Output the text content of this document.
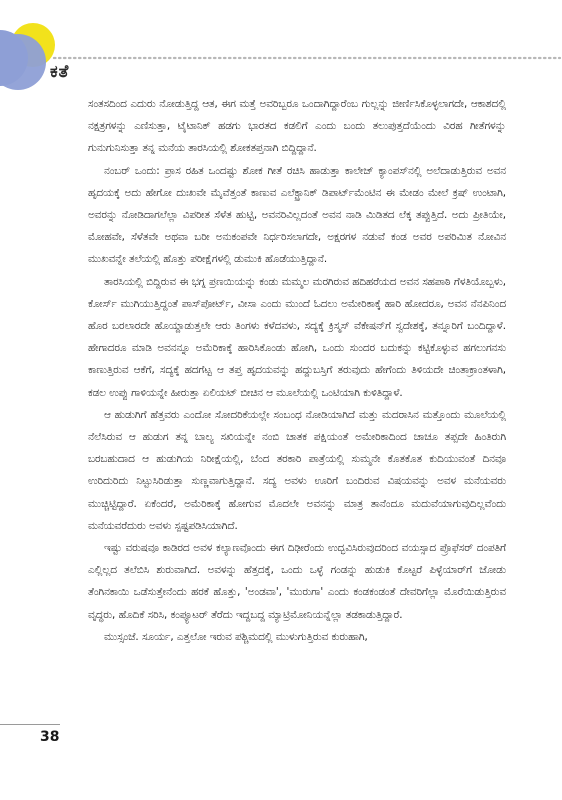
ಕತೆ

ಸಂತಸದಿಂದ ಎದುರು ನೋಡುತ್ತಿದ್ದ ಆತ, ಈಗ ಮತ್ತೆ ಅವರಿಬ್ಬರೂ ಒಂದಾಗಿದ್ದಾರೆಂಬ ಗುಲ್ಲನ್ನು ಜೀರ್ಣಿಸಿಕೊಳ್ಳಲಾಗದೇ, ಆಕಾಶದಲ್ಲಿ ನಕ್ಷತ್ರಗಳನ್ನು ಎಣಿಸುತ್ತಾ, ಟೈಟಾನಿಕ್ ಹಡಗು ಭಾರತದ ಕಡಲಿಗೆ ಎಂದು ಬಂದು ತಲುಪುತ್ತದೆಯೆಂದು ವಿರಹ ಗೀತೆಗಳನ್ನು ಗುನುಗುನಿಸುತ್ತಾ ತನ್ನ ಮನೆಯ ತಾರಸಿಯಲ್ಲಿ ಶೋಕತಪ್ತನಾಗಿ ಬಿದ್ದಿದ್ದಾನೆ.

ನಂಬರ್ ಒಂದು: ಪ್ರಾಸ ರಹಿತ ಒಂದಷ್ಟು ಶೋಕ ಗೀತೆ ರಚಿಸಿ ಹಾಡುತ್ತಾ ಕಾಲೇಜ್ ಕ್ಯಾಂಪಸ್‌ನಲ್ಲಿ ಅಲೆದಾಡುತ್ತಿರುವ ಅವನ ಹೃದಯಕ್ಕೆ ಅದು ಹೇಗೋ ದುಃಖವೇ ಮೈವೆತ್ತಂತೆ ಕಾಣುವ ಎಲೆಕ್ಟ್ರಾನಿಕ್ ಡಿಪಾರ್ಟ್‌ಮೆಂಟಿನ ಈ ಮೇಡಂ ಮೇಲೆ ಕ್ರಷ್ ಉಂಟಾಗಿ, ಅವರನ್ನು ನೋಡಿದಾಗಲೆಲ್ಲಾ ವಿಪರೀತ ಸೆಳೆತ ಹುಟ್ಟಿ, ಅವನರಿವಿಲ್ಲದಂತೆ ಅವನ ನಾಡಿ ಮಿಡಿತದ ಲೆಕ್ಕ ತಪ್ಪುತ್ತಿದೆ. ಅದು ಪ್ರೀತಿಯೇ, ಮೋಹವೇ, ಸೆಳೆತವೇ ಅಥವಾ ಬರೀ ಅನುಕಂಪವೇ ನಿರ್ಧರಿಸಲಾಗದೇ, ಅಕ್ಷರಗಳ ನಡುವೆ ಕಂಡ ಅವರ ಅಪರಿಮಿತ ನೋವಿನ ಮುಖವನ್ನೇ ತಲೆಯಲ್ಲಿ ಹೊತ್ತು ಪರೀಕ್ಷೆಗಳಲ್ಲಿ ಡುಮುಕಿ ಹೊಡೆಯುತ್ತಿದ್ದಾನೆ.

ತಾರಸಿಯಲ್ಲಿ ಬಿದ್ದಿರುವ ಈ ಭಗ್ನ ಪ್ರಣಯಿಯನ್ನು ಕಂಡು ಮಮ್ಮಲ ಮರಗಿರುವ ಹದಿಹರೆಯದ ಅವನ ಸಹಪಾಠಿ ಗೆಳತಿಯೊಬ್ಬಳು, ಕೋರ್ಸ್ ಮುಗಿಯುತ್ತಿದ್ದಂತೆ ಪಾಸ್‌ಪೋರ್ಟ್, ವೀಸಾ ಎಂದು ಮುಂದೆ ಓದಲು ಅಮೇರಿಕಾಕ್ಕೆ ಹಾರಿ ಹೋದರೂ, ಅವನ ನೆನಪಿನಿಂದ ಹೊರ ಬರಲಾರದೇ ಹೊಯ್ದಾಡುತ್ತಲೇ ಆರು ತಿಂಗಳು ಕಳೆದವಳು, ಸದ್ಯಕ್ಕೆ ಕ್ರಿಸ್ಮಸ್ ವೆಕೇಷನ್‌ಗೆ ಸ್ವದೇಶಕ್ಕೆ, ತನ್ನೂರಿಗೆ ಬಂದಿದ್ದಾಳೆ. ಹೇಗಾದರೂ ಮಾಡಿ ಅವನನ್ನೂ ಅಮೆರಿಕಾಕ್ಕೆ ಹಾರಿಸಿಕೊಂಡು ಹೋಗಿ, ಒಂದು ಸುಂದರ ಬದುಕನ್ನು ಕಟ್ಟಿಕೊಳ್ಳುವ ಹಗಲುಗನಸು ಕಾಣುತ್ತಿರುವ ಆಕೆಗೆ, ಸದ್ಯಕ್ಕೆ ಹದಗೆಟ್ಟ ಆ ತಪ್ತ ಹೃದಯವನ್ನು ಹದ್ದುಬಸ್ತಿಗೆ ತರುವುದು ಹೇಗೆಂದು ತಿಳಿಯದೇ ಚಿಂತಾಕ್ರಾಂತಳಾಗಿ, ಕಡಲ ಉಪ್ಪು ಗಾಳಿಯನ್ನೇ ಹೀರುತ್ತಾ ಏಲಿಯಟ್ ಬೀಚಿನ ಆ ಮೂಲೆಯಲ್ಲಿ ಒಂಟಿಯಾಗಿ ಕುಳಿತಿದ್ದಾಳೆ.

ಆ ಹುಡುಗಿಗೆ ಹೆತ್ತವರು ಎಂದೋ ಸೋದರಿಕೆಯಲ್ಲೇ ಸಂಬಂಧ ನೋಡಿಯಾಗಿದೆ ಮತ್ತು ಮದರಾಸಿನ ಮತ್ತೊಂದು ಮೂಲೆಯಲ್ಲಿ ನೆಲೆಸಿರುವ ಆ ಹುಡುಗ ತನ್ನ ಬಾಲ್ಯ ಸಖಿಯನ್ನೇ ನಂಬಿ ಚಾತಕ ಪಕ್ಷಿಯಂತೆ ಅಮೇರಿಕಾದಿಂದ ಚಾಚೂ ತಪ್ಪದೇ ಹಿಂತಿರುಗಿ ಬರಬಹುದಾದ ಆ ಹುಡುಗಿಯ ನಿರೀಕ್ಷೆಯಲ್ಲಿ, ಬೆಂದ ತರಕಾರಿ ಪಾತ್ರೆಯಲ್ಲಿ ಸುಮ್ಮನೇ ಕೊತಕೊತ ಕುದಿಯುವಂತೆ ದಿನವೂ ಉರಿದುರಿದು ನಿಟ್ಟುಸಿರಿಡುತ್ತಾ ಸುಣ್ಣವಾಗುತ್ತಿದ್ದಾನೆ. ಸದ್ಯ ಅವಳು ಊರಿಗೆ ಬಂದಿರುವ ವಿಷಯವನ್ನು ಅವಳ ಮನೆಯವರು ಮುಚ್ಚಿಟ್ಟಿದ್ದಾರೆ. ಏಕೆಂದರೆ, ಅಮೆರಿಕಾಕ್ಕೆ ಹೋಗುವ ಮೊದಲೇ ಅವನನ್ನು ಮಾತ್ರ ತಾನೆಂದೂ ಮದುವೆಯಾಗುವುದಿಲ್ಲವೆಂದು ಮನೆಯವರೆದುರು ಅವಳು ಸ್ಪಷ್ಟಪಡಿಸಿಯಾಗಿದೆ.

ಇಷ್ಟು ವರುಷವೂ ಕಾಡಿರದ ಅವಳ ಕಲ್ಯಾಣವೊಂದು ಈಗ ದಿಢೀರೆಂದು ಉದ್ಭವಿಸಿರುವುದರಿಂದ ವಯಸ್ಸಾದ ಪ್ರೊಫೆಸರ್ ದಂಪತಿಗೆ ಎಲ್ಲಿಲ್ಲದ ತಲೆಬಿಸಿ ಶುರುವಾಗಿದೆ. ಅವಳನ್ನು ಹೆತ್ತದಕ್ಕೆ, ಒಂದು ಒಳ್ಳೆ ಗಂಡನ್ನು ಹುಡುಕಿ ಕೊಟ್ಟರೆ ಪಿಳ್ಳೆಯಾರ್‌ಗೆ ಜೋಡು ತೆಂಗಿನಕಾಯಿ ಒಡೆಸುತ್ತೇನೆಂದು ಹರಕೆ ಹೊತ್ತು, 'ಅಂಡವಾ', 'ಮುರುಗಾ' ಎಂದು ಕಂಡಕಂಡಂತೆ ದೇವರಿಗೆಲ್ಲಾ ಮೊರೆಯಿಡುತ್ತಿರುವ ವೃದ್ಧರು, ಹೊದಿಕೆ ಸರಿಸಿ, ಕಂಪ್ಯೂಟರ್ ತೆರೆದು ಇದ್ದಬದ್ದ ಮ್ಯಾಟ್ರಿಮೋನಿಯನ್ನೆಲ್ಲಾ ತಡಕಾಡುತ್ತಿದ್ದಾರೆ.

ಮುಸ್ಸಂಜೆ. ಸೂರ್ಯ, ಎತ್ತಲೋ ಇರುವ ಪಶ್ಚಿಮದಲ್ಲಿ ಮುಳುಗುತ್ತಿರುವ ಕುರುಹಾಗಿ,

38
